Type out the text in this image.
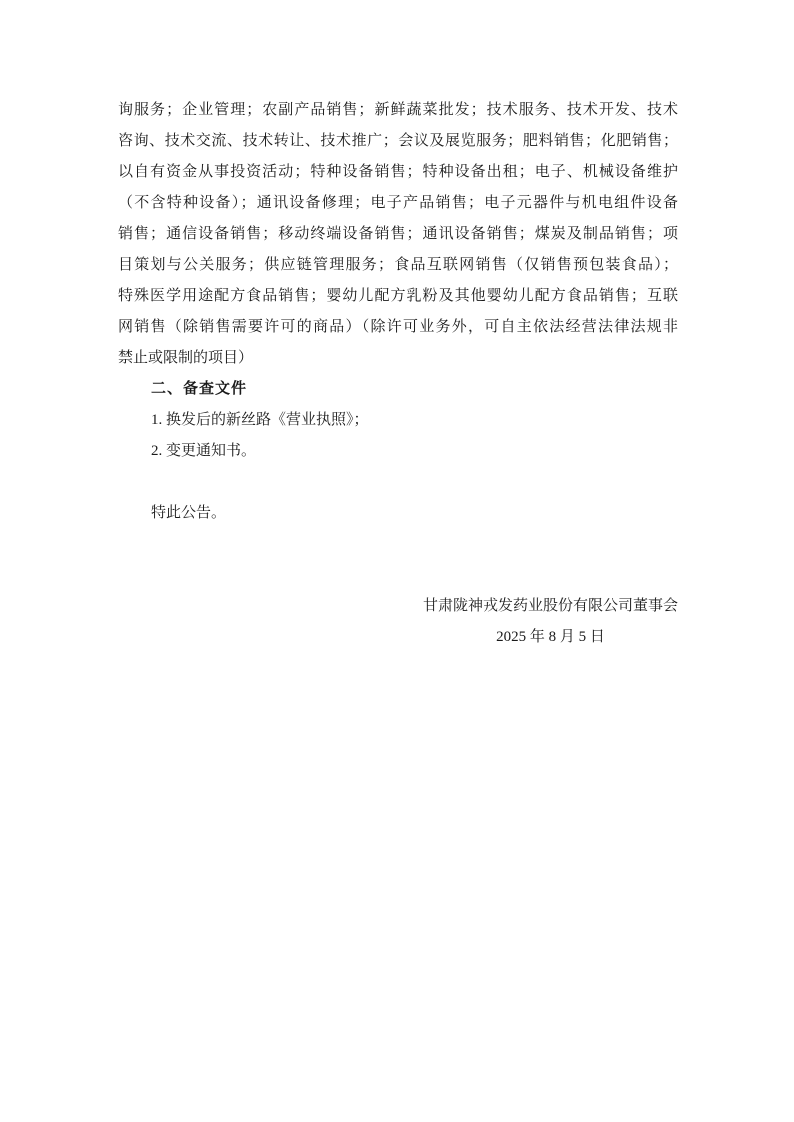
询服务；企业管理；农副产品销售；新鲜蔬菜批发；技术服务、技术开发、技术
咨询、技术交流、技术转让、技术推广；会议及展览服务；肥料销售；化肥销售；
以自有资金从事投资活动；特种设备销售；特种设备出租；电子、机械设备维护
（不含特种设备）；通讯设备修理；电子产品销售；电子元器件与机电组件设备
销售；通信设备销售；移动终端设备销售；通讯设备销售；煤炭及制品销售；项
目策划与公关服务；供应链管理服务；食品互联网销售（仅销售预包装食品）；
特殊医学用途配方食品销售；婴幼儿配方乳粉及其他婴幼儿配方食品销售；互联
网销售（除销售需要许可的商品）（除许可业务外，可自主依法经营法律法规非
禁止或限制的项目）
二、备查文件
1. 换发后的新丝路《营业执照》；
2. 变更通知书。
特此公告。
甘肃陇神戎发药业股份有限公司董事会
2025 年 8 月 5 日
